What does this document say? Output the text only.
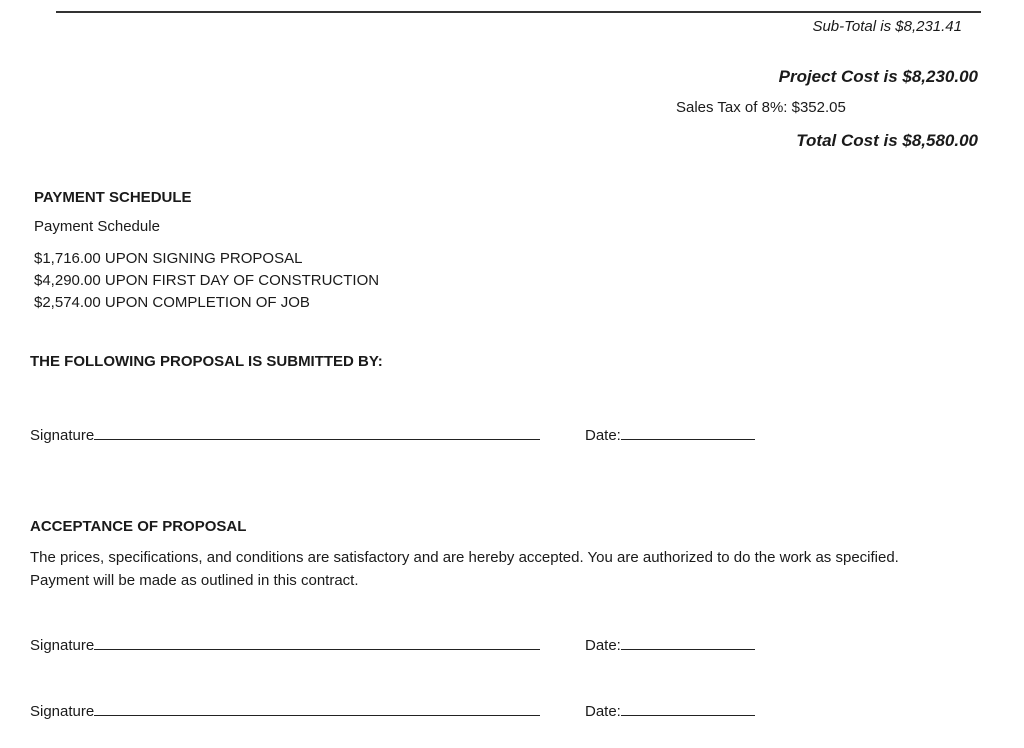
Sub-Total is $8,231.41
Project Cost is $8,230.00
Sales Tax of 8%: $352.05
Total Cost is $8,580.00
PAYMENT SCHEDULE
Payment Schedule
$1,716.00 UPON SIGNING PROPOSAL
$4,290.00 UPON FIRST DAY OF CONSTRUCTION
$2,574.00 UPON COMPLETION OF JOB
THE FOLLOWING PROPOSAL IS SUBMITTED BY:
Signature	Date:
ACCEPTANCE OF PROPOSAL
The prices, specifications, and conditions are satisfactory and are hereby accepted. You are authorized to do the work as specified. Payment will be made as outlined in this contract.
Signature	Date:
Signature	Date:
